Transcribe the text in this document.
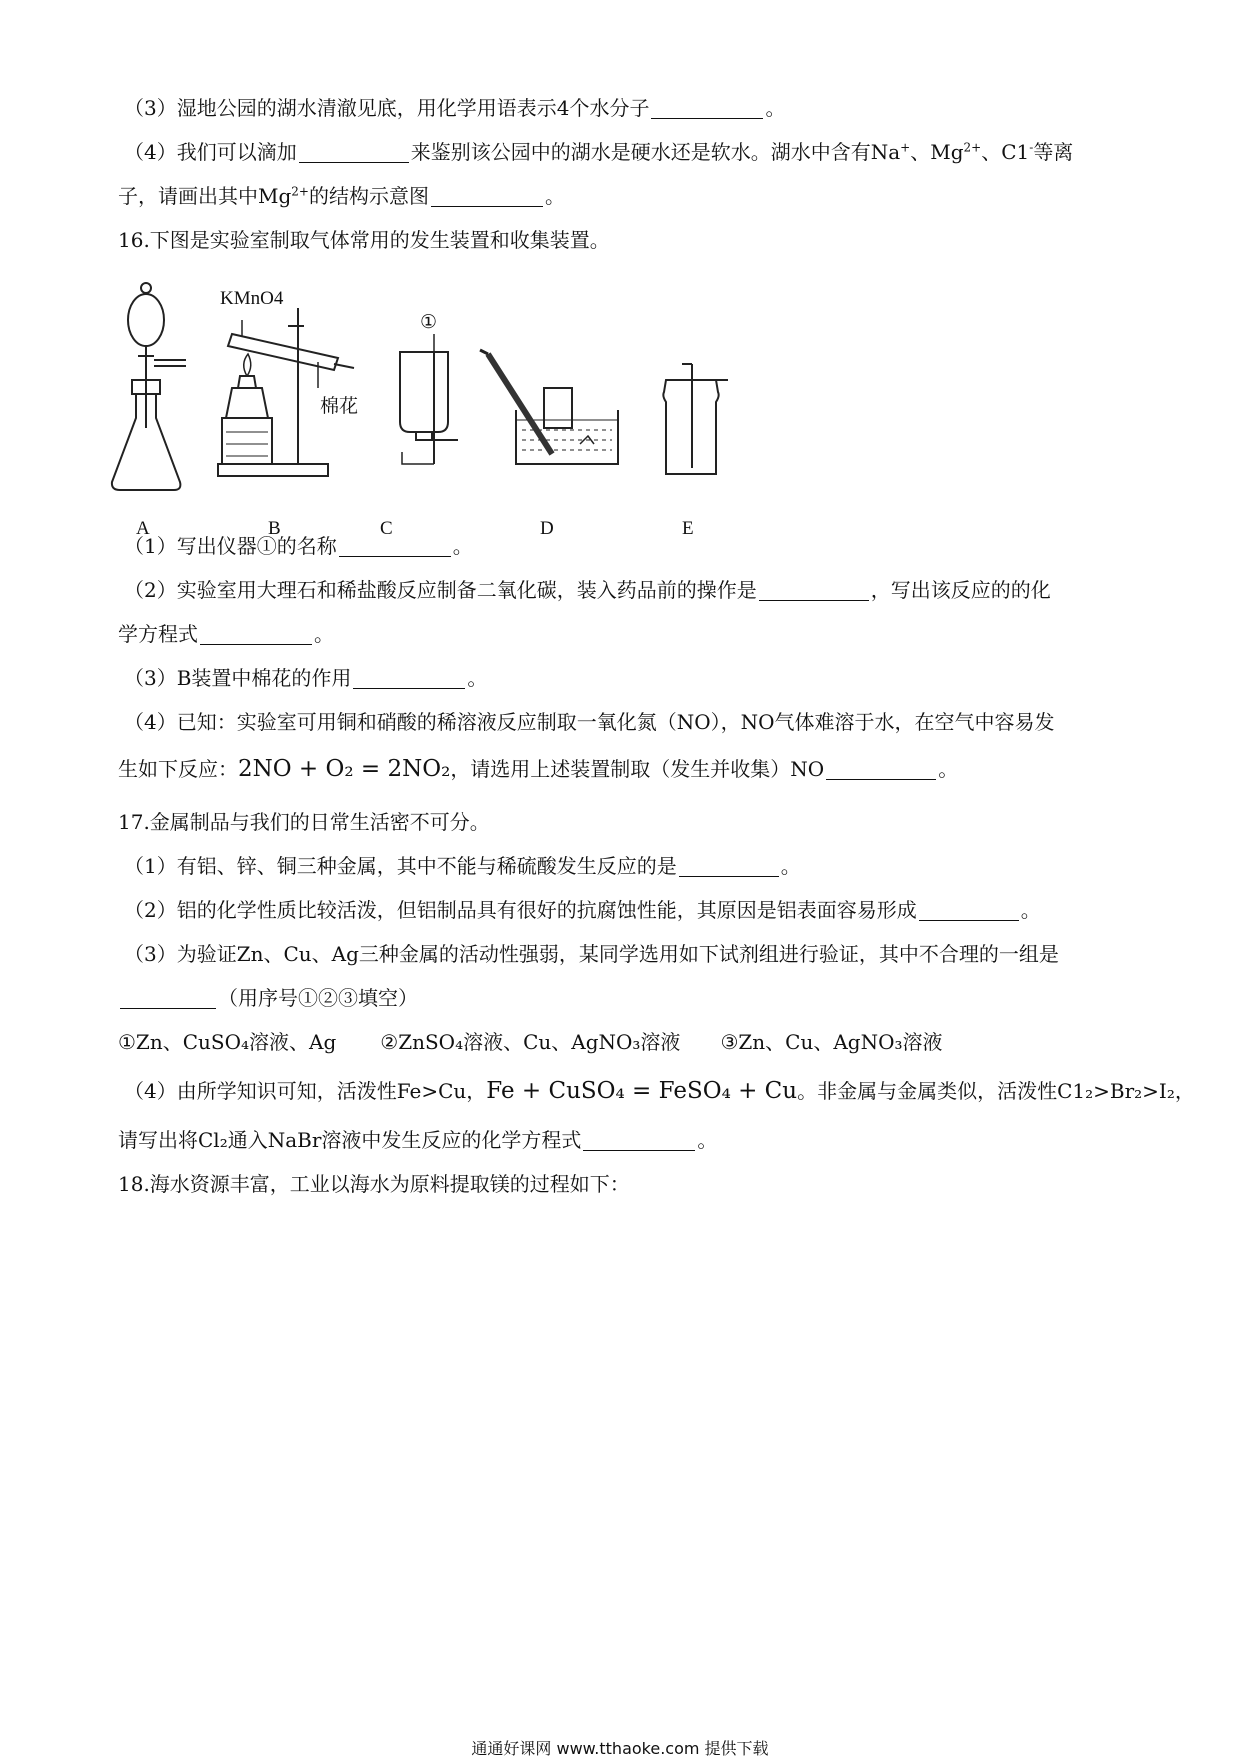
（3）湿地公园的湖水清澈见底，用化学用语表示4个水分子	。
（4）我们可以滴加	来鉴别该公园中的湖水是硬水还是软水。湖水中含有Na+、$Mg^{2+}$、C1-等离
子，请画出其中$Mg^{2+}$的结构示意图	。
16.下图是实验室制取气体常用的发生装置和收集装置。
KMnO4
棉花
①
A	B	C	D	E
（1）写出仪器①的名称	。
（2）实验室用大理石和稀盐酸反应制备二氧化碳，装入药品前的操作是	，写出该反应的的化
学方程式	。
（3）B装置中棉花的作用	。
（4）已知：实验室可用铜和硝酸的稀溶液反应制取一氧化氮（NO），NO气体难溶于水，在空气中容易发
生如下反应：2NO + O₂ = 2NO₂，请选用上述装置制取（发生并收集）NO	。
17.金属制品与我们的日常生活密不可分。
（1）有铝、锌、铜三种金属，其中不能与稀硫酸发生反应的是	。
（2）铝的化学性质比较活泼，但铝制品具有很好的抗腐蚀性能，其原因是铝表面容易形成	。
（3）为验证Zn、Cu、Ag三种金属的活动性强弱，某同学选用如下试剂组进行验证，其中不合理的一组是
（用序号①②③填空）
①Zn、CuSO₄溶液、Ag ②ZnSO₄溶液、Cu、AgNO₃溶液 ③Zn、Cu、AgNO₃溶液
（4）由所学知识可知，活泼性Fe>Cu，Fe + CuSO₄ = FeSO₄ + Cu。非金属与金属类似，活泼性C1₂>Br₂>I₂，
请写出将Cl₂通入NaBr溶液中发生反应的化学方程式	。
18.海水资源丰富，工业以海水为原料提取镁的过程如下：
通通好课网 www.tthaoke.com 提供下载
